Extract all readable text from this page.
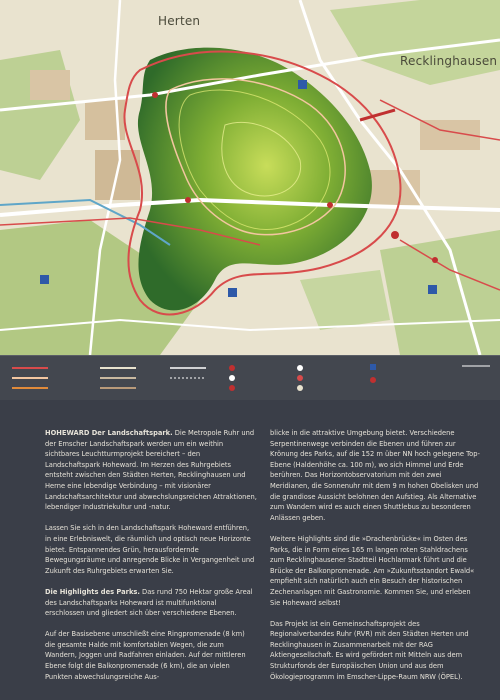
Herten
Recklinghausen

HOHEWARD Der Landschaftspark. Die Metropole Ruhr und der Emscher Landschaftspark werden um ein weithin sichtbares Leuchtturmprojekt bereichert – den Landschaftspark Hoheward. Im Herzen des Ruhrgebiets entsteht zwischen den Städten Herten, Recklinghausen und Herne eine lebendige Verbindung – mit visionärer Landschaftsarchitektur und abwechslungsreichen Attraktionen, lebendiger Industriekultur und -natur.

Lassen Sie sich in den Landschaftspark Hoheward entführen, in eine Erlebniswelt, die räumlich und optisch neue Horizonte bietet. Entspannendes Grün, herausfordernde Bewegungsräume und anregende Blicke in Vergangenheit und Zukunft des Ruhrgebiets erwarten Sie.

Die Highlights des Parks. Das rund 750 Hektar große Areal des Landschaftsparks Hoheward ist multifunktional erschlossen und gliedert sich über verschiedene Ebenen.

Auf der Basisebene umschließt eine Ringpromenade (8 km) die gesamte Halde mit komfortablen Wegen, die zum Wandern, Joggen und Radfahren einladen. Auf der mittleren Ebene folgt die Balkonpromenade (6 km), die an vielen Punkten abwechslungsreiche Aus-

blicke in die attraktive Umgebung bietet. Verschiedene Serpentinenwege verbinden die Ebenen und führen zur Krönung des Parks, auf die 152 m über NN hoch gelegene Top-Ebene (Haldenhöhe ca. 100 m), wo sich Himmel und Erde berühren. Das Horizontobservatorium mit den zwei Meridianen, die Sonnenuhr mit dem 9 m hohen Obelisken und die grandiose Aussicht belohnen den Aufstieg. Als Alternative zum Wandern wird es auch einen Shuttlebus zu besonderen Anlässen geben.

Weitere Highlights sind die »Drachenbrücke« im Osten des Parks, die in Form eines 165 m langen roten Stahldrachens zum Recklinghausener Stadtteil Hochlarmark führt und die Brücke der Balkonpromenade. Am »Zukunftsstandort Ewald« empfiehlt sich natürlich auch ein Besuch der historischen Zechenanlagen mit Gastronomie. Kommen Sie, und erleben Sie Hoheward selbst!

Das Projekt ist ein Gemeinschaftsprojekt des Regionalverbandes Ruhr (RVR) mit den Städten Herten und Recklinghausen in Zusammenarbeit mit der RAG Aktiengesellschaft. Es wird gefördert mit Mitteln aus dem Strukturfonds der Europäischen Union und aus dem Ökologieprogramm im Emscher-Lippe-Raum NRW (ÖPEL).
